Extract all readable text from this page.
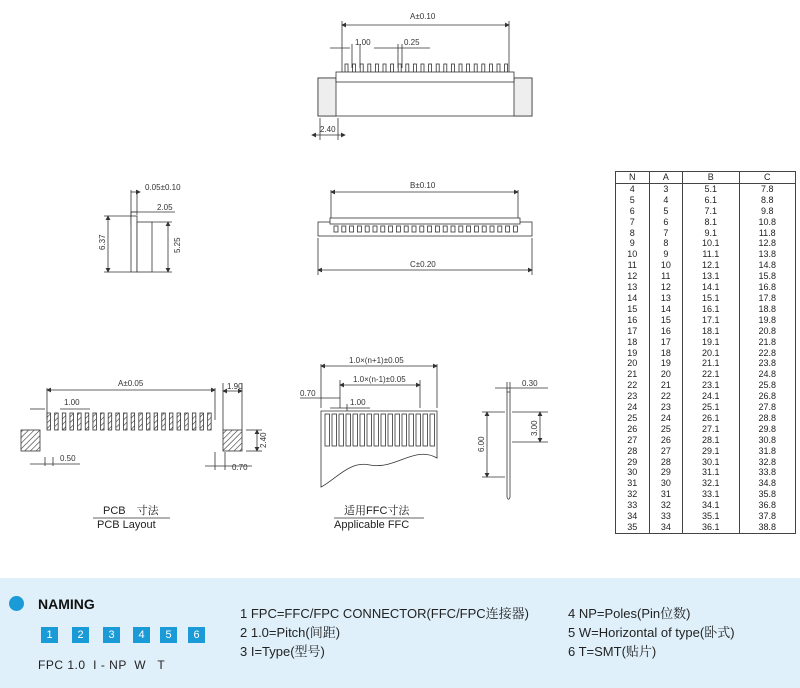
A±0.10
1.00	0.25
2.40
0.05±0.10
2.05
6.37	5.25
B±0.10
C±0.20
A±0.05
1.00
0.50
1.90
2.40
0.70
PCB　寸法
PCB Layout
1.0×(n+1)±0.05
1.0×(n-1)±0.05
0.70
1.00
适用FFC寸法
Applicable FFC
0.30
3.00
6.00
N	A	B	C
4	3	5.1	7.8
5	4	6.1	8.8
6	5	7.1	9.8
7	6	8.1	10.8
8	7	9.1	11.8
9	8	10.1	12.8
10	9	11.1	13.8
11	10	12.1	14.8
12	11	13.1	15.8
13	12	14.1	16.8
14	13	15.1	17.8
15	14	16.1	18.8
16	15	17.1	19.8
17	16	18.1	20.8
18	17	19.1	21.8
19	18	20.1	22.8
20	19	21.1	23.8
21	20	22.1	24.8
22	21	23.1	25.8
23	22	24.1	26.8
24	23	25.1	27.8
25	24	26.1	28.8
26	25	27.1	29.8
27	26	28.1	30.8
28	27	29.1	31.8
29	28	30.1	32.8
30	29	31.1	33.8
31	30	32.1	34.8
32	31	33.1	35.8
33	32	34.1	36.8
34	33	35.1	37.8
35	34	36.1	38.8
NAMING
1	2	3	4	5	6
FPC 1.0  I - NP  W   T
1 FPC=FFC/FPC CONNECTOR(FFC/FPC连接器)
2 1.0=Pitch(间距)
3 I=Type(型号)
4 NP=Poles(Pin位数)
5 W=Horizontal of type(卧式)
6 T=SMT(贴片)
